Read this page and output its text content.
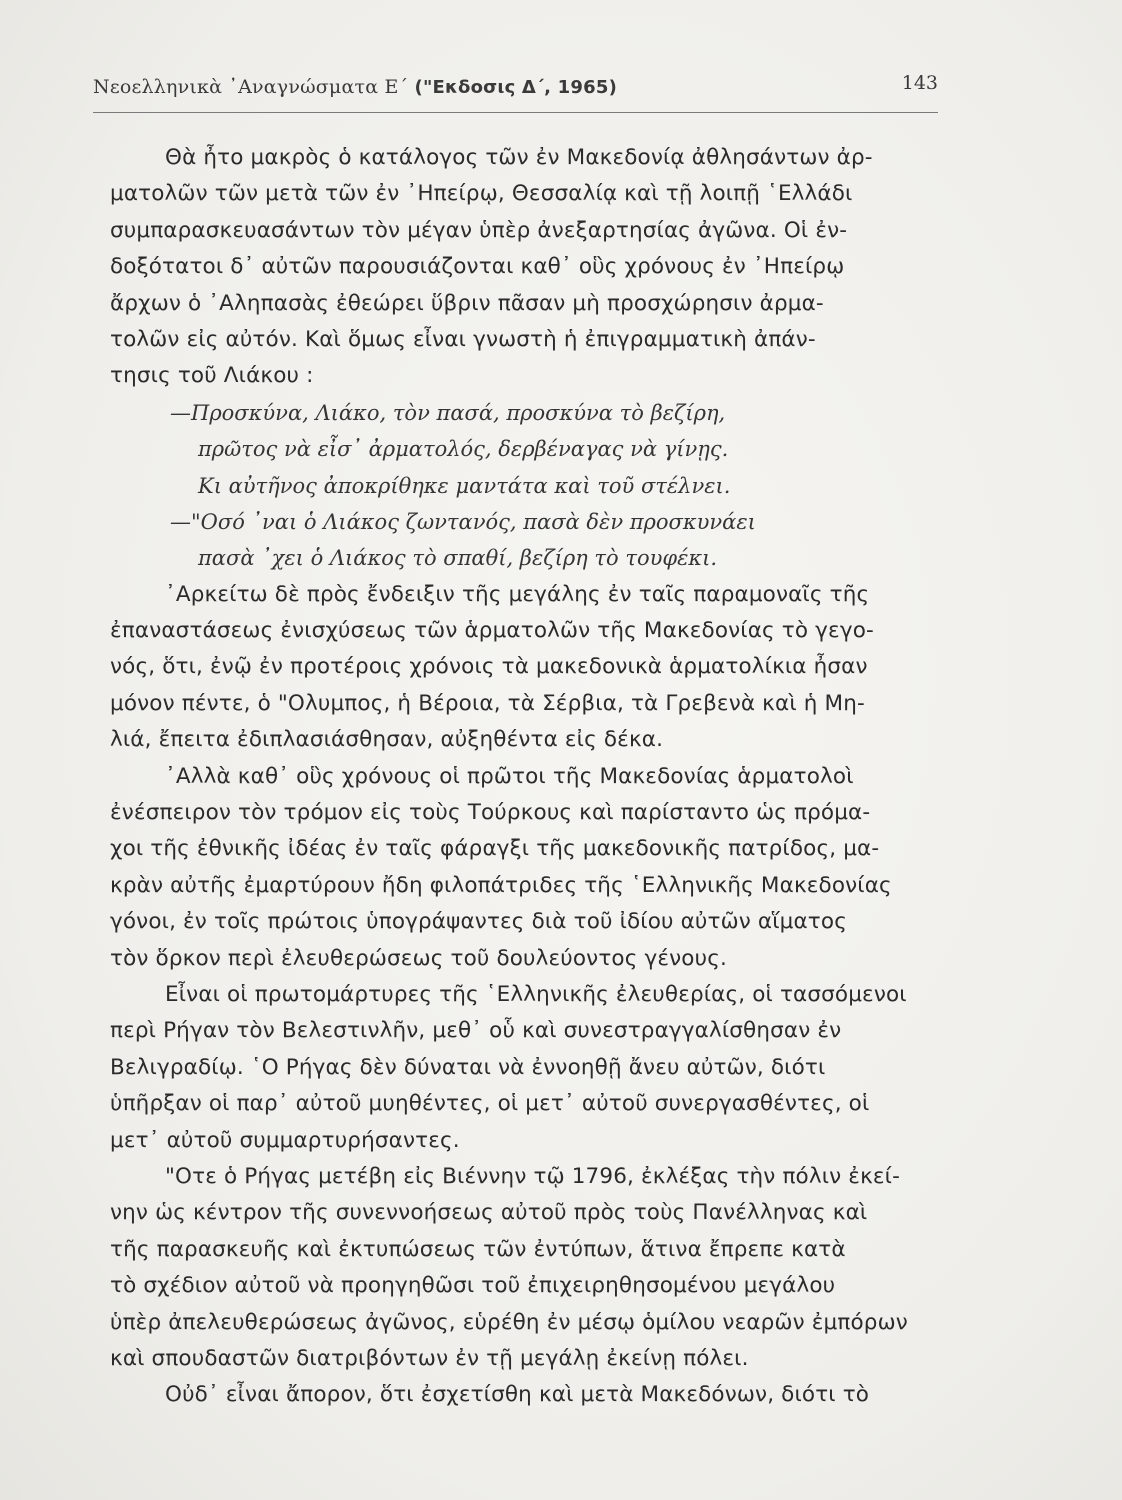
Νεοελληνικὰ ᾿Αναγνώσματα Ε΄ ("Εκδοσις Δ΄, 1965)	143
Θὰ ἦτο μακρὸς ὁ κατάλογος τῶν ἐν Μακεδονίᾳ ἀθλησάντων ἀρ-
ματολῶν τῶν μετὰ τῶν ἐν ᾿Ηπείρῳ, Θεσσαλίᾳ καὶ τῇ λοιπῇ ῾Ελλάδι
συμπαρασκευασάντων τὸν μέγαν ὑπὲρ ἀνεξαρτησίας ἀγῶνα. Οἱ ἐν-
δοξότατοι δ᾿ αὐτῶν παρουσιάζονται καθ᾿ οὓς χρόνους ἐν ᾿Ηπείρῳ
ἄρχων ὁ ᾿Αληπασὰς ἐθεώρει ὕβριν πᾶσαν μὴ προσχώρησιν ἀρμα-
τολῶν εἰς αὐτόν. Καὶ ὅμως εἶναι γνωστὴ ἡ ἐπιγραμματικὴ ἀπάν-
τησις τοῦ Λιάκου :
—Προσκύνα, Λιάκο, τὸν πασά, προσκύνα τὸ βεζίρη,
πρῶτος νὰ εἶσ᾿ ἀρματολός, δερβέναγας νὰ γίνῃς.
Κι αὐτῆνος ἀποκρίθηκε μαντάτα καὶ τοῦ στέλνει.
—"Οσό ᾿ναι ὁ Λιάκος ζωντανός, πασὰ δὲν προσκυνάει
πασὰ ᾿χει ὁ Λιάκος τὸ σπαθί, βεζίρη τὸ τουφέκι.
᾿Αρκείτω δὲ πρὸς ἔνδειξιν τῆς μεγάλης ἐν ταῖς παραμοναῖς τῆς
ἐπαναστάσεως ἐνισχύσεως τῶν ἁρματολῶν τῆς Μακεδονίας τὸ γεγο-
νός, ὅτι, ἐνῷ ἐν προτέροις χρόνοις τὰ μακεδονικὰ ἁρματολίκια ἦσαν
μόνον πέντε, ὁ "Ολυμπος, ἡ Βέροια, τὰ Σέρβια, τὰ Γρεβενὰ καὶ ἡ Μη-
λιά, ἔπειτα ἐδιπλασιάσθησαν, αὐξηθέντα εἰς δέκα.
᾿Αλλὰ καθ᾿ οὓς χρόνους οἱ πρῶτοι τῆς Μακεδονίας ἁρματολοὶ
ἐνέσπειρον τὸν τρόμον εἰς τοὺς Τούρκους καὶ παρίσταντο ὡς πρόμα-
χοι τῆς ἐθνικῆς ἰδέας ἐν ταῖς φάραγξι τῆς μακεδονικῆς πατρίδος, μα-
κρὰν αὐτῆς ἐμαρτύρουν ἤδη φιλοπάτριδες τῆς ῾Ελληνικῆς Μακεδονίας
γόνοι, ἐν τοῖς πρώτοις ὑπογράψαντες διὰ τοῦ ἰδίου αὐτῶν αἵματος
τὸν ὅρκον περὶ ἐλευθερώσεως τοῦ δουλεύοντος γένους.
Εἶναι οἱ πρωτομάρτυρες τῆς ῾Ελληνικῆς ἐλευθερίας, οἱ τασσόμενοι
περὶ Ρήγαν τὸν Βελεστινλῆν, μεθ᾿ οὗ καὶ συνεστραγγαλίσθησαν ἐν
Βελιγραδίῳ. ῾Ο Ρήγας δὲν δύναται νὰ ἐννοηθῇ ἄνευ αὐτῶν, διότι
ὑπῆρξαν οἱ παρ᾿ αὐτοῦ μυηθέντες, οἱ μετ᾿ αὐτοῦ συνεργασθέντες, οἱ
μετ᾿ αὐτοῦ συμμαρτυρήσαντες.
"Οτε ὁ Ρήγας μετέβη εἰς Βιέννην τῷ 1796, ἐκλέξας τὴν πόλιν ἐκεί-
νην ὡς κέντρον τῆς συνεννοήσεως αὐτοῦ πρὸς τοὺς Πανέλληνας καὶ
τῆς παρασκευῆς καὶ ἐκτυπώσεως τῶν ἐντύπων, ἅτινα ἔπρεπε κατὰ
τὸ σχέδιον αὐτοῦ νὰ προηγηθῶσι τοῦ ἐπιχειρηθησομένου μεγάλου
ὑπὲρ ἀπελευθερώσεως ἀγῶνος, εὑρέθη ἐν μέσῳ ὁμίλου νεαρῶν ἐμπόρων
καὶ σπουδαστῶν διατριβόντων ἐν τῇ μεγάλῃ ἐκείνῃ πόλει.
Οὐδ᾿ εἶναι ἄπορον, ὅτι ἐσχετίσθη καὶ μετὰ Μακεδόνων, διότι τὸ
